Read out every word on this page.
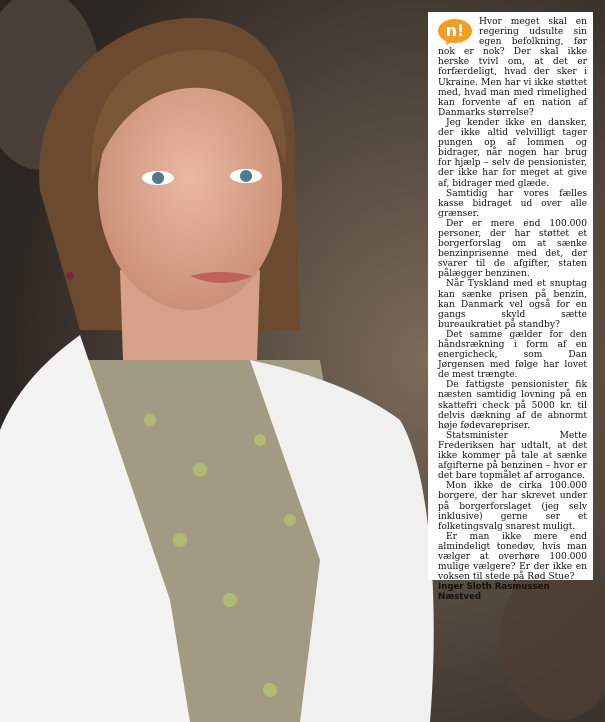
n!	Hvor meget skal en regering udsulte sin egen befolkning, før nok er nok? Der skal ikke herske tvivl om, at det er forfærdeligt, hvad der sker i Ukraine. Men har vi ikke støttet med, hvad man med rimelighed kan forvente af en nation af Danmarks størrelse?

Jeg kender ikke en dansker, der ikke altid velvilligt tager pungen op af lommen og bidrager, når nogen har brug for hjælp – selv de pensionister, der ikke har for meget at give af, bidrager med glæde.

Samtidig har vores fælles kasse bidraget ud over alle grænser.

Der er mere end 100.000 personer, der har støttet et borgerforslag om at sænke benzinprisenne med det, der svarer til de afgifter, staten pålægger benzinen.

Når Tyskland med et snuptag kan sænke prisen på benzin, kan Danmark vel også for en gangs skyld sætte bureaukratiet på standby?

Det samme gælder for den håndsrækning i form af en energicheck, som Dan Jørgensen med følge har lovet de mest trængte.

De fattigste pensionister fik næsten samtidig lovning på en skattefri check på 5000 kr. til delvis dækning af de abnormt høje fødevarepriser.

Statsminister Mette Frederiksen har udtalt, at det ikke kommer på tale at sænke afgifterne på benzinen – hvor er det bare topmålet af arrogance.

Mon ikke de cirka 100.000 borgere, der har skrevet under på borgerforslaget (jeg selv inklusive) gerne ser et folketingsvalg snarest muligt.

Er man ikke mere end almindeligt tonedøv, hvis man vælger at overhøre 100.000 mulige vælgere? Er der ikke en voksen til stede på Rød Stue?

Inger Sloth Rasmussen

Næstved
